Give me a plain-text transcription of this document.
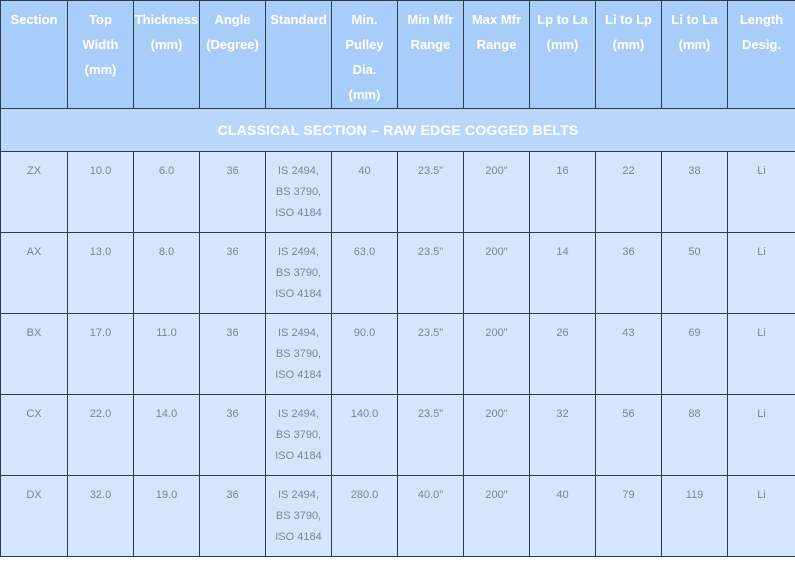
Section	Top
Width
(mm)	Thickness
(mm)	Angle
(Degree)	Standard	Min.
Pulley
Dia.
(mm)	Min Mfr
Range	Max Mfr
Range	Lp to La
(mm)	Li to Lp
(mm)	Li to La
(mm)	Length
Desig.

CLASSICAL SECTION – RAW EDGE COGGED BELTS											
ZX	10.0	6.0	36	IS 2494,
BS 3790,
ISO 4184	40	23.5"	200"	16	22	38	Li
AX	13.0	8.0	36	IS 2494,
BS 3790,
ISO 4184	63.0	23.5"	200"	14	36	50	Li
BX	17.0	11.0	36	IS 2494,
BS 3790,
ISO 4184	90.0	23.5"	200"	26	43	69	Li
CX	22.0	14.0	36	IS 2494,
BS 3790,
ISO 4184	140.0	23.5"	200"	32	56	88	Li
DX	32.0	19.0	36	IS 2494,
BS 3790,
ISO 4184	280.0	40.0"	200"	40	79	119	Li
